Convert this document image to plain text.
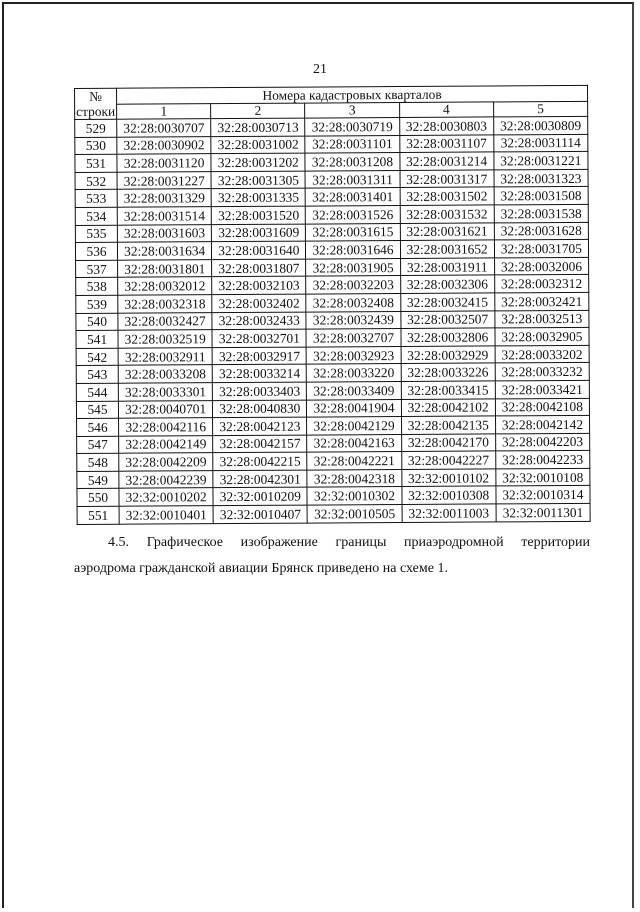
21
№
строки	Номера кадастровых кварталов				
	1	2	3	4	5
529	32:28:0030707	32:28:0030713	32:28:0030719	32:28:0030803	32:28:0030809
530	32:28:0030902	32:28:0031002	32:28:0031101	32:28:0031107	32:28:0031114
531	32:28:0031120	32:28:0031202	32:28:0031208	32:28:0031214	32:28:0031221
532	32:28:0031227	32:28:0031305	32:28:0031311	32:28:0031317	32:28:0031323
533	32:28:0031329	32:28:0031335	32:28:0031401	32:28:0031502	32:28:0031508
534	32:28:0031514	32:28:0031520	32:28:0031526	32:28:0031532	32:28:0031538
535	32:28:0031603	32:28:0031609	32:28:0031615	32:28:0031621	32:28:0031628
536	32:28:0031634	32:28:0031640	32:28:0031646	32:28:0031652	32:28:0031705
537	32:28:0031801	32:28:0031807	32:28:0031905	32:28:0031911	32:28:0032006
538	32:28:0032012	32:28:0032103	32:28:0032203	32:28:0032306	32:28:0032312
539	32:28:0032318	32:28:0032402	32:28:0032408	32:28:0032415	32:28:0032421
540	32:28:0032427	32:28:0032433	32:28:0032439	32:28:0032507	32:28:0032513
541	32:28:0032519	32:28:0032701	32:28:0032707	32:28:0032806	32:28:0032905
542	32:28:0032911	32:28:0032917	32:28:0032923	32:28:0032929	32:28:0033202
543	32:28:0033208	32:28:0033214	32:28:0033220	32:28:0033226	32:28:0033232
544	32:28:0033301	32:28:0033403	32:28:0033409	32:28:0033415	32:28:0033421
545	32:28:0040701	32:28:0040830	32:28:0041904	32:28:0042102	32:28:0042108
546	32:28:0042116	32:28:0042123	32:28:0042129	32:28:0042135	32:28:0042142
547	32:28:0042149	32:28:0042157	32:28:0042163	32:28:0042170	32:28:0042203
548	32:28:0042209	32:28:0042215	32:28:0042221	32:28:0042227	32:28:0042233
549	32:28:0042239	32:28:0042301	32:28:0042318	32:32:0010102	32:32:0010108
550	32:32:0010202	32:32:0010209	32:32:0010302	32:32:0010308	32:32:0010314
551	32:32:0010401	32:32:0010407	32:32:0010505	32:32:0011003	32:32:0011301
4.5. Графическое изображение границы приаэродромной территории
аэродрома гражданской авиации Брянск приведено на схеме 1.
